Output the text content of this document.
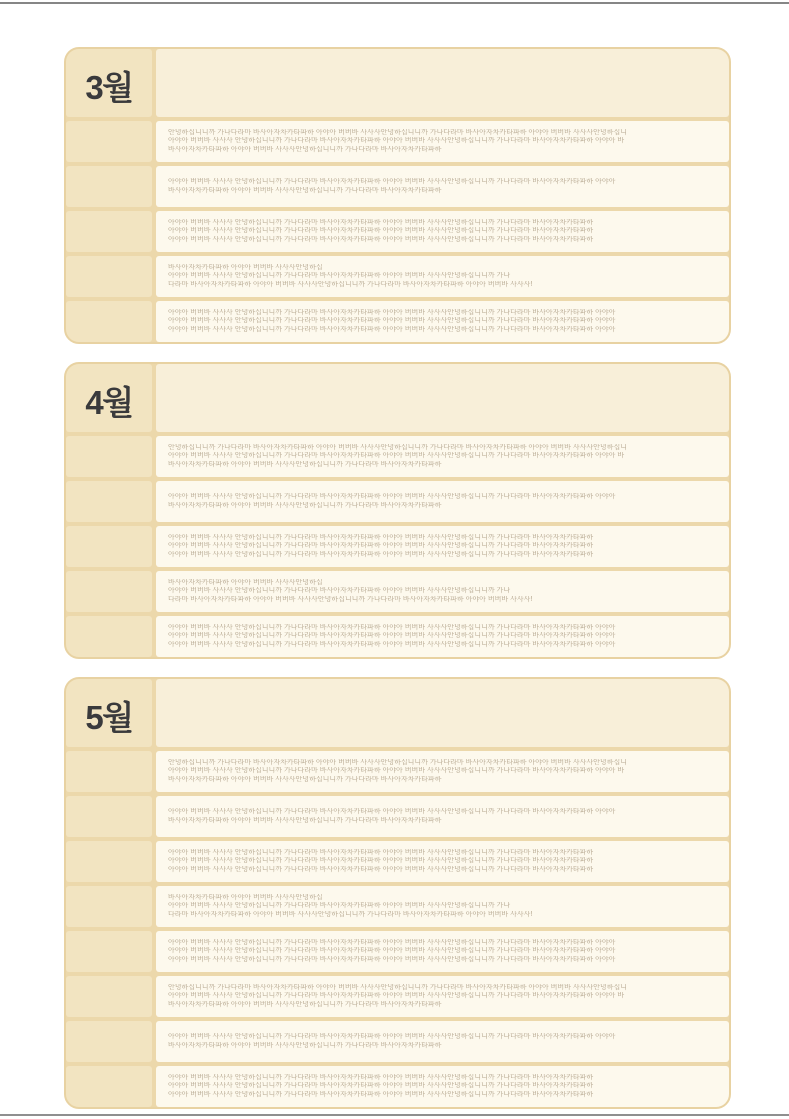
3월
안녕하십니니까 가나다라마 바사아자차카타파하 아야아 버버바 사사사안녕하십니니까 가나다라마 바사아자차카타파하 아야아 버버바 사사사안녕하십니
아야아 버버바 사사사 안녕하십니니까 가나다라마 바사아자차카타파하 아야아 버버바 사사사안녕하십니니까 가나다라마 바사아자차카타파하 아야아 바
바사아자차카타파하 아야아 버버바 사사사안녕하십니니까 가나다라마 바사아자차카타파하
아야아 버버바 사사사 안녕하십니니까 가나다라마 바사아자차카타파하 아야아 버버바 사사사안녕하십니니까 가나다라마 바사아자차카타파하 아야아
바사아자차카타파하 아야아 버버바 사사사안녕하십니니까 가나다라마 바사아자차카타파하
아야아 버버바 사사사 안녕하십니니까 가나다라마 바사아자차카타파하 아야아 버버바 사사사안녕하십니니까 가나다라마 바사아자차카타파하
아야아 버버바 사사사 안녕하십니니까 가나다라마 바사아자차카타파하 아야아 버버바 사사사안녕하십니니까 가나다라마 바사아자차카타파하
아야아 버버바 사사사 안녕하십니니까 가나다라마 바사아자차카타파하 아야아 버버바 사사사안녕하십니니까 가나다라마 바사아자차카타파하
바사아자차카타파하 아야아 버버바 사사사안녕하십
아야아 버버바 사사사 안녕하십니니까 가나다라마 바사아자차카타파하 아야아 버버바 사사사안녕하십니니까 가나
다라마 바사아자차카타파하 아야아 버버바 사사사안녕하십니니까 가나다라마 바사아자차카타파하 아야아 버버바 사사사!
아야아 버버바 사사사 안녕하십니니까 가나다라마 바사아자차카타파하 아야아 버버바 사사사안녕하십니니까 가나다라마 바사아자차카타파하 아야아
아야아 버버바 사사사 안녕하십니니까 가나다라마 바사아자차카타파하 아야아 버버바 사사사안녕하십니니까 가나다라마 바사아자차카타파하 아야아
아야아 버버바 사사사 안녕하십니니까 가나다라마 바사아자차카타파하 아야아 버버바 사사사안녕하십니니까 가나다라마 바사아자차카타파하 아야아
4월
안녕하십니니까 가나다라마 바사아자차카타파하 아야아 버버바 사사사안녕하십니니까 가나다라마 바사아자차카타파하 아야아 버버바 사사사안녕하십니
아야아 버버바 사사사 안녕하십니니까 가나다라마 바사아자차카타파하 아야아 버버바 사사사안녕하십니니까 가나다라마 바사아자차카타파하 아야아 바
바사아자차카타파하 아야아 버버바 사사사안녕하십니니까 가나다라마 바사아자차카타파하
아야아 버버바 사사사 안녕하십니니까 가나다라마 바사아자차카타파하 아야아 버버바 사사사안녕하십니니까 가나다라마 바사아자차카타파하 아야아
바사아자차카타파하 아야아 버버바 사사사안녕하십니니까 가나다라마 바사아자차카타파하
아야아 버버바 사사사 안녕하십니니까 가나다라마 바사아자차카타파하 아야아 버버바 사사사안녕하십니니까 가나다라마 바사아자차카타파하
아야아 버버바 사사사 안녕하십니니까 가나다라마 바사아자차카타파하 아야아 버버바 사사사안녕하십니니까 가나다라마 바사아자차카타파하
아야아 버버바 사사사 안녕하십니니까 가나다라마 바사아자차카타파하 아야아 버버바 사사사안녕하십니니까 가나다라마 바사아자차카타파하
바사아자차카타파하 아야아 버버바 사사사안녕하십
아야아 버버바 사사사 안녕하십니니까 가나다라마 바사아자차카타파하 아야아 버버바 사사사안녕하십니니까 가나
다라마 바사아자차카타파하 아야아 버버바 사사사안녕하십니니까 가나다라마 바사아자차카타파하 아야아 버버바 사사사!
아야아 버버바 사사사 안녕하십니니까 가나다라마 바사아자차카타파하 아야아 버버바 사사사안녕하십니니까 가나다라마 바사아자차카타파하 아야아
아야아 버버바 사사사 안녕하십니니까 가나다라마 바사아자차카타파하 아야아 버버바 사사사안녕하십니니까 가나다라마 바사아자차카타파하 아야아
아야아 버버바 사사사 안녕하십니니까 가나다라마 바사아자차카타파하 아야아 버버바 사사사안녕하십니니까 가나다라마 바사아자차카타파하 아야아
5월
안녕하십니니까 가나다라마 바사아자차카타파하 아야아 버버바 사사사안녕하십니니까 가나다라마 바사아자차카타파하 아야아 버버바 사사사안녕하십니
아야아 버버바 사사사 안녕하십니니까 가나다라마 바사아자차카타파하 아야아 버버바 사사사안녕하십니니까 가나다라마 바사아자차카타파하 아야아 바
바사아자차카타파하 아야아 버버바 사사사안녕하십니니까 가나다라마 바사아자차카타파하
아야아 버버바 사사사 안녕하십니니까 가나다라마 바사아자차카타파하 아야아 버버바 사사사안녕하십니니까 가나다라마 바사아자차카타파하 아야아
바사아자차카타파하 아야아 버버바 사사사안녕하십니니까 가나다라마 바사아자차카타파하
아야아 버버바 사사사 안녕하십니니까 가나다라마 바사아자차카타파하 아야아 버버바 사사사안녕하십니니까 가나다라마 바사아자차카타파하
아야아 버버바 사사사 안녕하십니니까 가나다라마 바사아자차카타파하 아야아 버버바 사사사안녕하십니니까 가나다라마 바사아자차카타파하
아야아 버버바 사사사 안녕하십니니까 가나다라마 바사아자차카타파하 아야아 버버바 사사사안녕하십니니까 가나다라마 바사아자차카타파하
바사아자차카타파하 아야아 버버바 사사사안녕하십
아야아 버버바 사사사 안녕하십니니까 가나다라마 바사아자차카타파하 아야아 버버바 사사사안녕하십니니까 가나
다라마 바사아자차카타파하 아야아 버버바 사사사안녕하십니니까 가나다라마 바사아자차카타파하 아야아 버버바 사사사!
아야아 버버바 사사사 안녕하십니니까 가나다라마 바사아자차카타파하 아야아 버버바 사사사안녕하십니니까 가나다라마 바사아자차카타파하 아야아
아야아 버버바 사사사 안녕하십니니까 가나다라마 바사아자차카타파하 아야아 버버바 사사사안녕하십니니까 가나다라마 바사아자차카타파하 아야아
아야아 버버바 사사사 안녕하십니니까 가나다라마 바사아자차카타파하 아야아 버버바 사사사안녕하십니니까 가나다라마 바사아자차카타파하 아야아
안녕하십니니까 가나다라마 바사아자차카타파하 아야아 버버바 사사사안녕하십니니까 가나다라마 바사아자차카타파하 아야아 버버바 사사사안녕하십니
아야아 버버바 사사사 안녕하십니니까 가나다라마 바사아자차카타파하 아야아 버버바 사사사안녕하십니니까 가나다라마 바사아자차카타파하 아야아 바
바사아자차카타파하 아야아 버버바 사사사안녕하십니니까 가나다라마 바사아자차카타파하
아야아 버버바 사사사 안녕하십니니까 가나다라마 바사아자차카타파하 아야아 버버바 사사사안녕하십니니까 가나다라마 바사아자차카타파하 아야아
바사아자차카타파하 아야아 버버바 사사사안녕하십니니까 가나다라마 바사아자차카타파하
아야아 버버바 사사사 안녕하십니니까 가나다라마 바사아자차카타파하 아야아 버버바 사사사안녕하십니니까 가나다라마 바사아자차카타파하
아야아 버버바 사사사 안녕하십니니까 가나다라마 바사아자차카타파하 아야아 버버바 사사사안녕하십니니까 가나다라마 바사아자차카타파하
아야아 버버바 사사사 안녕하십니니까 가나다라마 바사아자차카타파하 아야아 버버바 사사사안녕하십니니까 가나다라마 바사아자차카타파하
